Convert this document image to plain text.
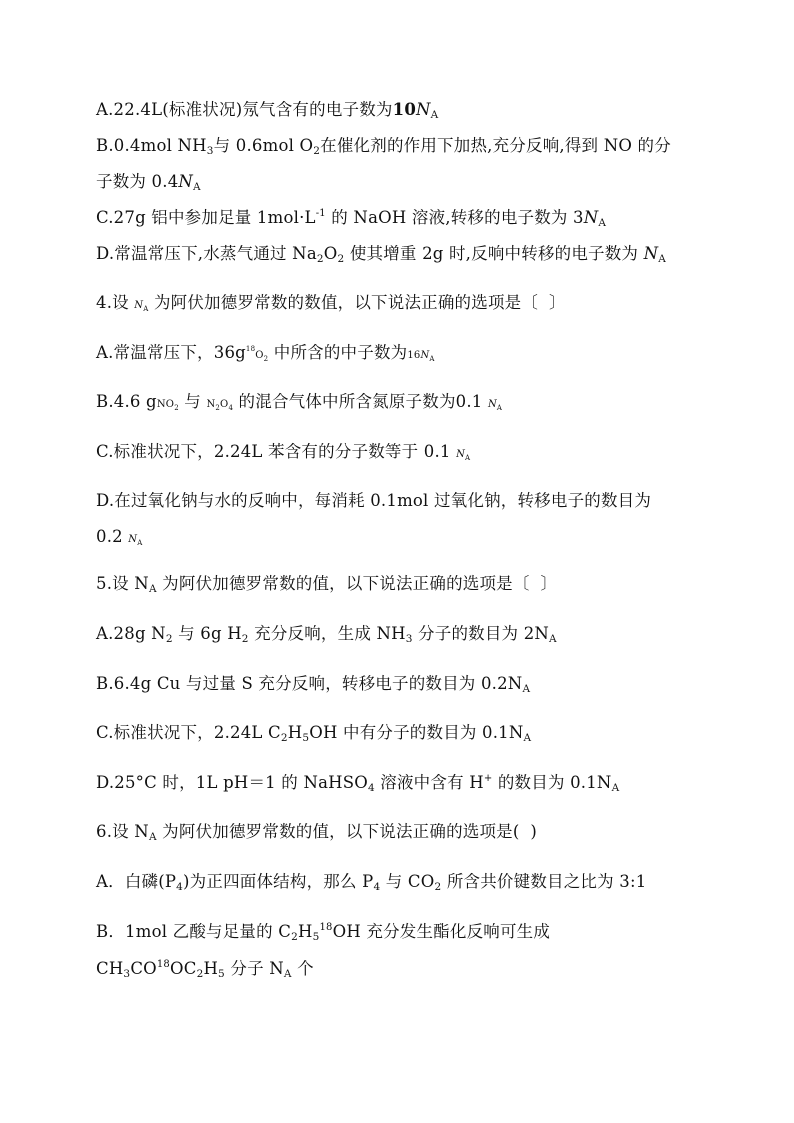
A.22.4L(标准状况)氖气含有的电子数为$10N_A$
B.0.4mol $NH_3$与 0.6mol $O_2$在催化剂的作用下加热,充分反响,得到 NO 的分
子数为 $0.4N_A$
C.27g 铝中参加足量 $1mol\cdot L^{-1}$ 的 NaOH 溶液,转移的电子数为 $3N_A$
D.常温常压下,水蒸气通过 $Na_2O_2$ 使其增重 2g 时,反响中转移的电子数为 $N_A$
4.设 $N_A$ 为阿伏加德罗常数的数值，以下说法正确的选项是〔  〕
A.常温常压下，$36g^{18}O_2$ 中所含的中子数为$16N_A$
B.4.6 gNO$_2$ 与 $N_2O_4$ 的混合气体中所含氮原子数为0.1 $N_A$
C.标准状况下，2.24L 苯含有的分子数等于 0.1 $N_A$
D.在过氧化钠与水的反响中，每消耗 0.1mol 过氧化钠，转移电子的数目为
0.2 $N_A$
5.设 $N_A$ 为阿伏加德罗常数的值，以下说法正确的选项是〔  〕
A.28g $N_2$ 与 6g $H_2$ 充分反响，生成 $NH_3$ 分子的数目为 $2N_A$
B.6.4g Cu 与过量 S 充分反响，转移电子的数目为 $0.2N_A$
C.标准状况下，2.24L $C_2H_5OH$ 中有分子的数目为 $0.1N_A$
D.25°C 时，1L pH＝1 的 NaHSO$_4$ 溶液中含有 H+ 的数目为 $0.1N_A$
6.设 $N_A$ 为阿伏加德罗常数的值，以下说法正确的选项是(  )
A．白磷$(P_4)$为正四面体结构，那么 $P_4$ 与 $CO_2$ 所含共价键数目之比为 3:1
B．1mol 乙酸与足量的 $C_2H_5^{18}OH$ 充分发生酯化反响可生成
$CH_3CO^{18}OC_2H_5$ 分子 $N_A$ 个
